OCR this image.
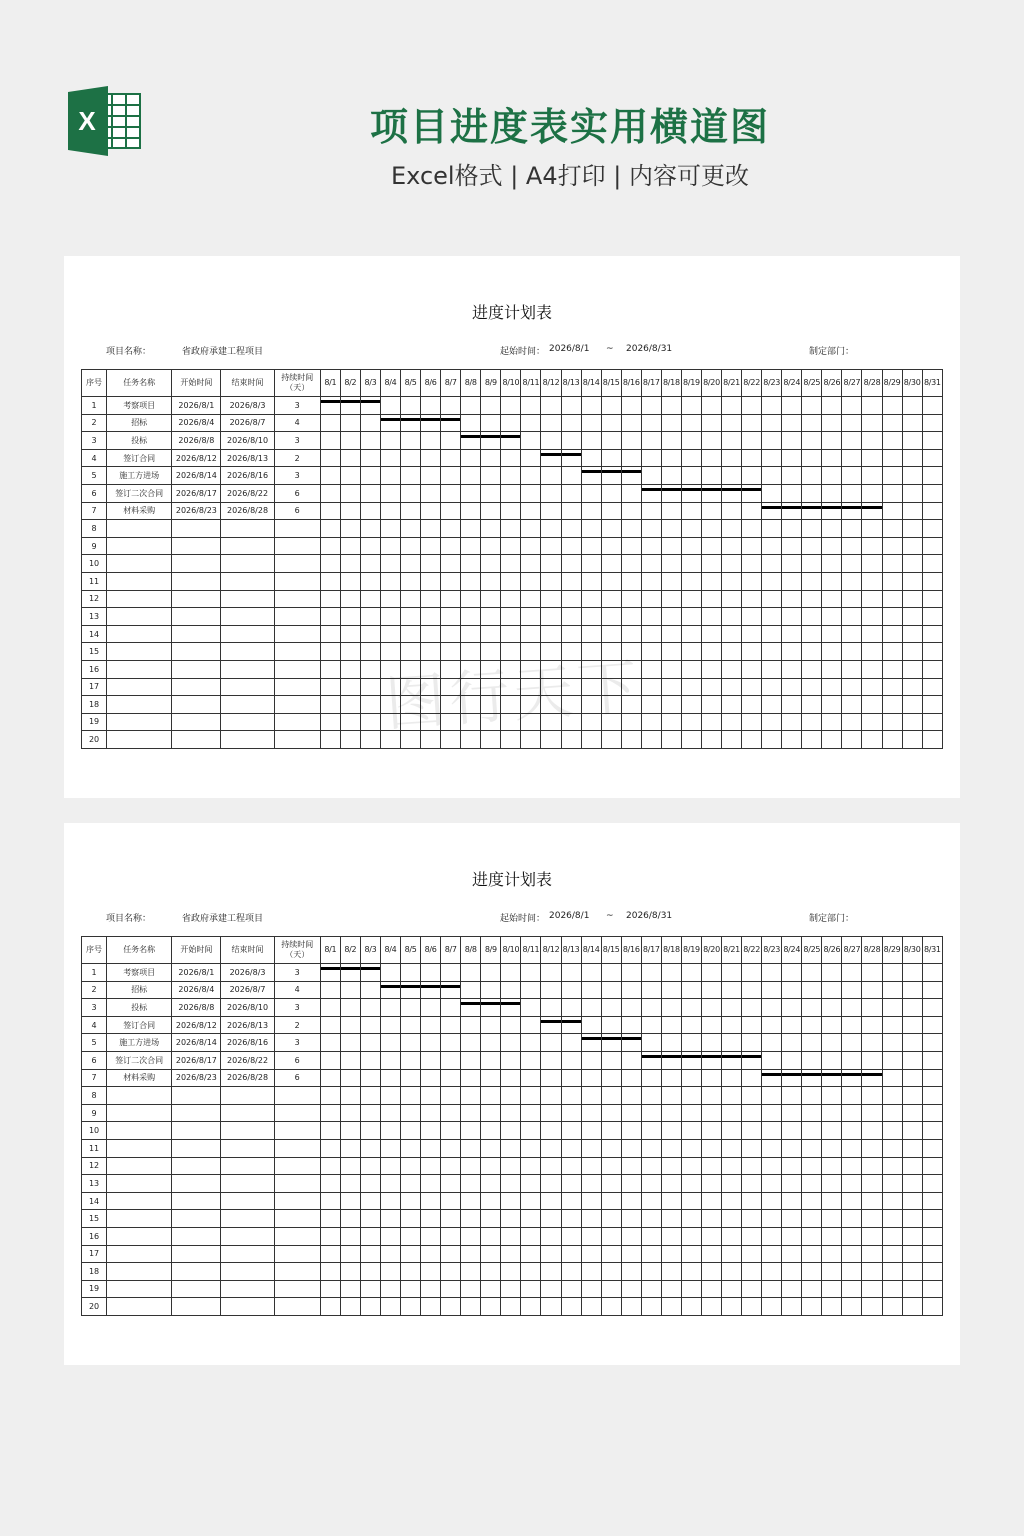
X	项目进度表实用横道图
Excel格式 | A4打印 | 内容可更改
进度计划表
项目名称：	省政府承建工程项目	起始时间： 2026/8/1 ~ 2026/8/31	制定部门：
序号	任务名称	开始时间	结束时间	持续时间（天）	8/1	8/2	8/3	8/4	8/5	8/6	8/7	8/8	8/9	8/10	8/11	8/12	8/13	8/14	8/15	8/16	8/17	8/18	8/19	8/20	8/21	8/22	8/23	8/24	8/25	8/26	8/27	8/28	8/29	8/30	8/31
1	考察项目	2026/8/1	2026/8/3	3																															
2	招标	2026/8/4	2026/8/7	4																															
3	投标	2026/8/8	2026/8/10	3																															
4	签订合同	2026/8/12	2026/8/13	2																															
5	施工方进场	2026/8/14	2026/8/16	3																															
6	签订二次合同	2026/8/17	2026/8/22	6																															
7	材料采购	2026/8/23	2026/8/28	6																															
8																																			
9																																			
10																																			
11																																			
12																																			
13																																			
14																																			
15																																			
16																																			
17																																			
18																																			
19																																			
20																																			
进度计划表
项目名称：	省政府承建工程项目	起始时间： 2026/8/1 ~ 2026/8/31	制定部门：
序号	任务名称	开始时间	结束时间	持续时间（天）	8/1	8/2	8/3	8/4	8/5	8/6	8/7	8/8	8/9	8/10	8/11	8/12	8/13	8/14	8/15	8/16	8/17	8/18	8/19	8/20	8/21	8/22	8/23	8/24	8/25	8/26	8/27	8/28	8/29	8/30	8/31
1	考察项目	2026/8/1	2026/8/3	3																															
2	招标	2026/8/4	2026/8/7	4																															
3	投标	2026/8/8	2026/8/10	3																															
4	签订合同	2026/8/12	2026/8/13	2																															
5	施工方进场	2026/8/14	2026/8/16	3																															
6	签订二次合同	2026/8/17	2026/8/22	6																															
7	材料采购	2026/8/23	2026/8/28	6																															
8																																			
9																																			
10																																			
11																																			
12																																			
13																																			
14																																			
15																																			
16																																			
17																																			
18																																			
19																																			
20																																			
图行天下
